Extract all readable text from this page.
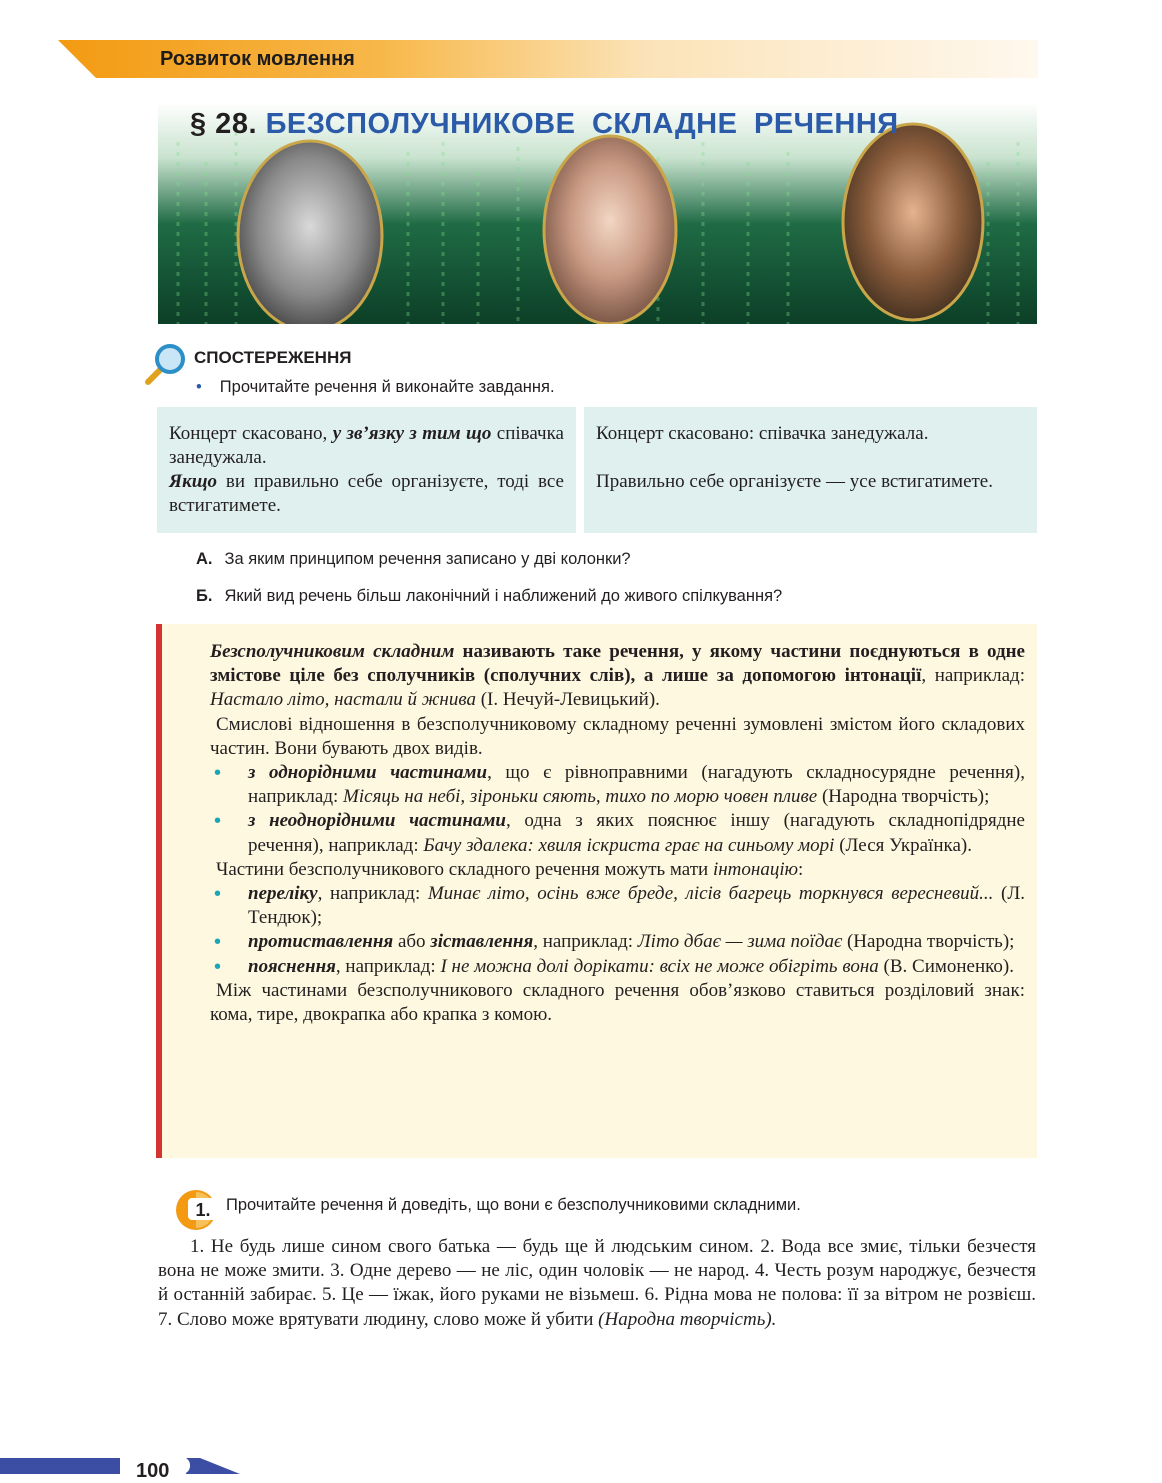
Розвиток мовлення
§ 28. БЕЗСПОЛУЧНИКОВЕ СКЛАДНЕ РЕЧЕННЯ
СПОСТЕРЕЖЕННЯ
• Прочитайте речення й виконайте завдання.

Концерт скасовано, у зв’язку з тим що співачка занедужала.

Якщо ви правильно себе організуєте, тоді все встигатимете.

Концерт скасовано: співачка занедужала.

Правильно себе організуєте — усе встигатимете.

А. За яким принципом речення записано у дві колонки?
Б. Який вид речень більш лаконічний і наближений до живого спілкування?

Безсполучниковим складним називають таке речення, у якому частини поєднуються в одне змістове ціле без сполучників (сполучних слів), а лише за допомогою інтонації, наприклад: Настало літо, настали й жнива (І. Нечуй-Левицький).

Смислові відношення в безсполучниковому складному реченні зумовлені змістом його складових частин. Вони бувають двох видів.

• з однорідними частинами, що є рівноправними (нагадують складносурядне речення), наприклад: Місяць на небі, зіроньки сяють, тихо по морю човен пливе (Народна творчість);

• з неоднорідними частинами, одна з яких пояснює іншу (нагадують складнопідрядне речення), наприклад: Бачу здалека: хвиля іскриста грає на синьому морі (Леся Українка).

Частини безсполучникового складного речення можуть мати інтонацію:

• переліку, наприклад: Минає літо, осінь вже бреде, лісів багрець торкнувся вересневий... (Л. Тендюк);

• протиставлення або зіставлення, наприклад: Літо дбає — зима поїдає (Народна творчість);

• пояснення, наприклад: І не можна долі дорікати: всіх не може обігріть вона (В. Симоненко).

Між частинами безсполучникового складного речення обов’язково ставиться розділовий знак: кома, тире, двокрапка або крапка з комою.

1. Прочитайте речення й доведіть, що вони є безсполучниковими складними.

1. Не будь лише сином свого батька — будь ще й людським сином. 2. Вода все змиє, тільки безчестя вона не може змити. 3. Одне дерево — не ліс, один чоловік — не народ. 4. Честь розум народжує, безчестя й останній забирає. 5. Це — їжак, його руками не візьмеш. 6. Рідна мова не полова: її за вітром не розвієш. 7. Слово може врятувати людину, слово може й убити (Народна творчість).

100
